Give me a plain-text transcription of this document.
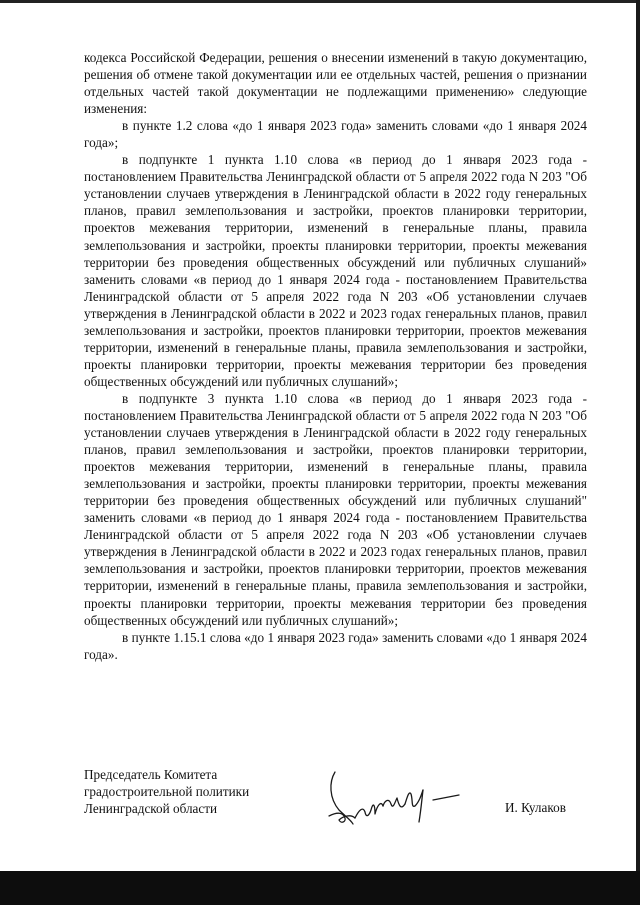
кодекса Российской Федерации, решения о внесении изменений в такую документацию, решения об отмене такой документации или ее отдельных частей, решения о признании отдельных частей такой документации не подлежащими применению» следующие изменения:

в пункте 1.2 слова «до 1 января 2023 года» заменить словами «до 1 января 2024 года»;

в подпункте 1 пункта 1.10 слова «в период до 1 января 2023 года - постановлением Правительства Ленинградской области от 5 апреля 2022 года N 203 "Об установлении случаев утверждения в Ленинградской области в 2022 году генеральных планов, правил землепользования и застройки, проектов планировки территории, проектов межевания территории, изменений в генеральные планы, правила землепользования и застройки, проекты планировки территории, проекты межевания территории без проведения общественных обсуждений или публичных слушаний» заменить словами «в период до 1 января 2024 года - постановлением Правительства Ленинградской области от 5 апреля 2022 года N 203 «Об установлении случаев утверждения в Ленинградской области в 2022 и 2023 годах генеральных планов, правил землепользования и застройки, проектов планировки территории, проектов межевания территории, изменений в генеральные планы, правила землепользования и застройки, проекты планировки территории, проекты межевания территории без проведения общественных обсуждений или публичных слушаний»;

в подпункте 3 пункта 1.10 слова «в период до 1 января 2023 года - постановлением Правительства Ленинградской области от 5 апреля 2022 года N 203 "Об установлении случаев утверждения в Ленинградской области в 2022 году генеральных планов, правил землепользования и застройки, проектов планировки территории, проектов межевания территории, изменений в генеральные планы, правила землепользования и застройки, проекты планировки территории, проекты межевания территории без проведения общественных обсуждений или публичных слушаний" заменить словами «в период до 1 января 2024 года - постановлением Правительства Ленинградской области от 5 апреля 2022 года N 203 «Об установлении случаев утверждения в Ленинградской области в 2022 и 2023 годах генеральных планов, правил землепользования и застройки, проектов планировки территории, проектов межевания территории, изменений в генеральные планы, правила землепользования и застройки, проекты планировки территории, проекты межевания территории без проведения общественных обсуждений или публичных слушаний»;

в пункте 1.15.1 слова «до 1 января 2023 года» заменить словами «до 1 января 2024 года».

Председатель Комитета
градостроительной политики
Ленинградской области	И. Кулаков
